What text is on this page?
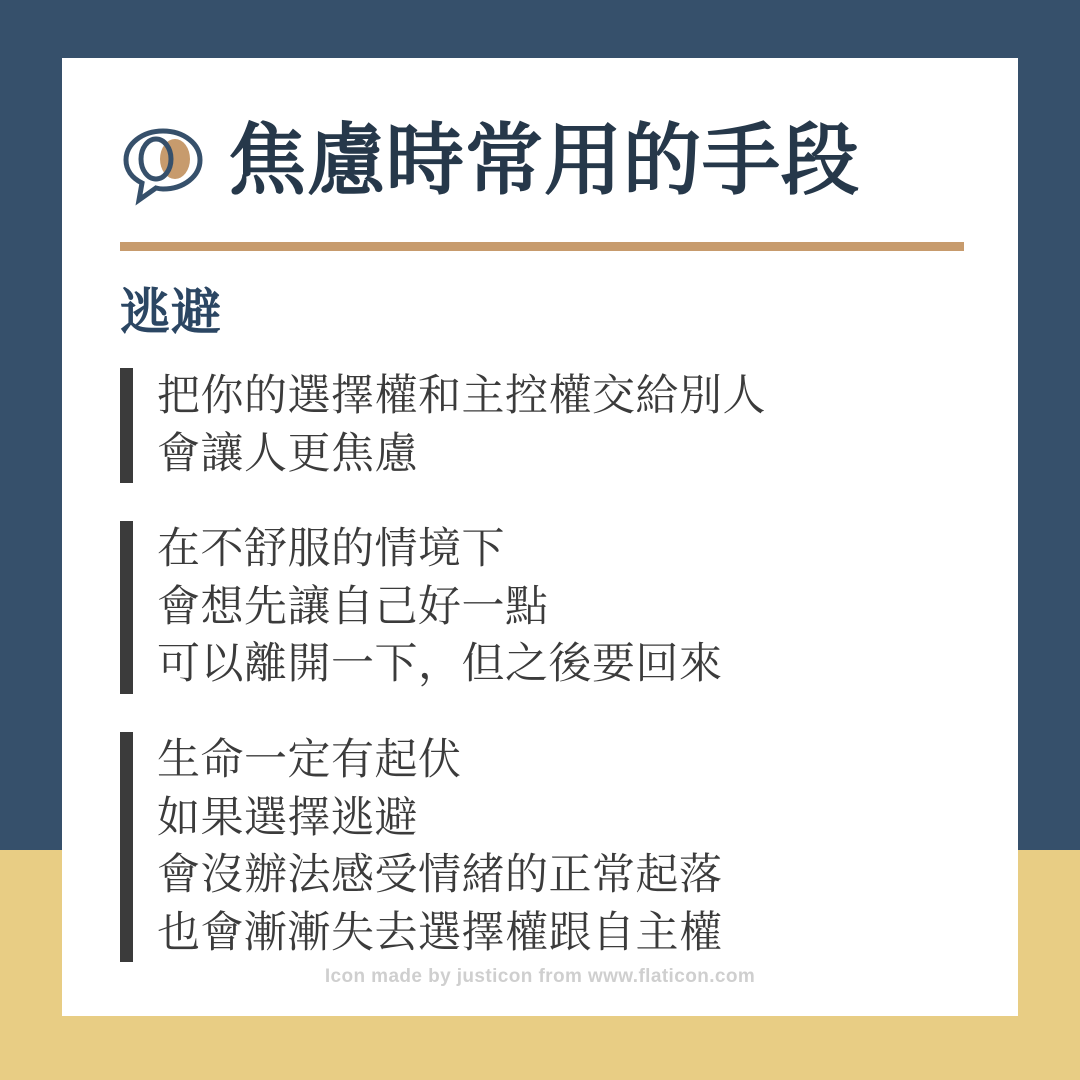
焦慮時常用的手段
逃避
把你的選擇權和主控權交給別人
會讓人更焦慮
在不舒服的情境下
會想先讓自己好一點
可以離開一下，但之後要回來
生命一定有起伏
如果選擇逃避
會沒辦法感受情緒的正常起落
也會漸漸失去選擇權跟自主權
Icon made by justicon from www.flaticon.com
